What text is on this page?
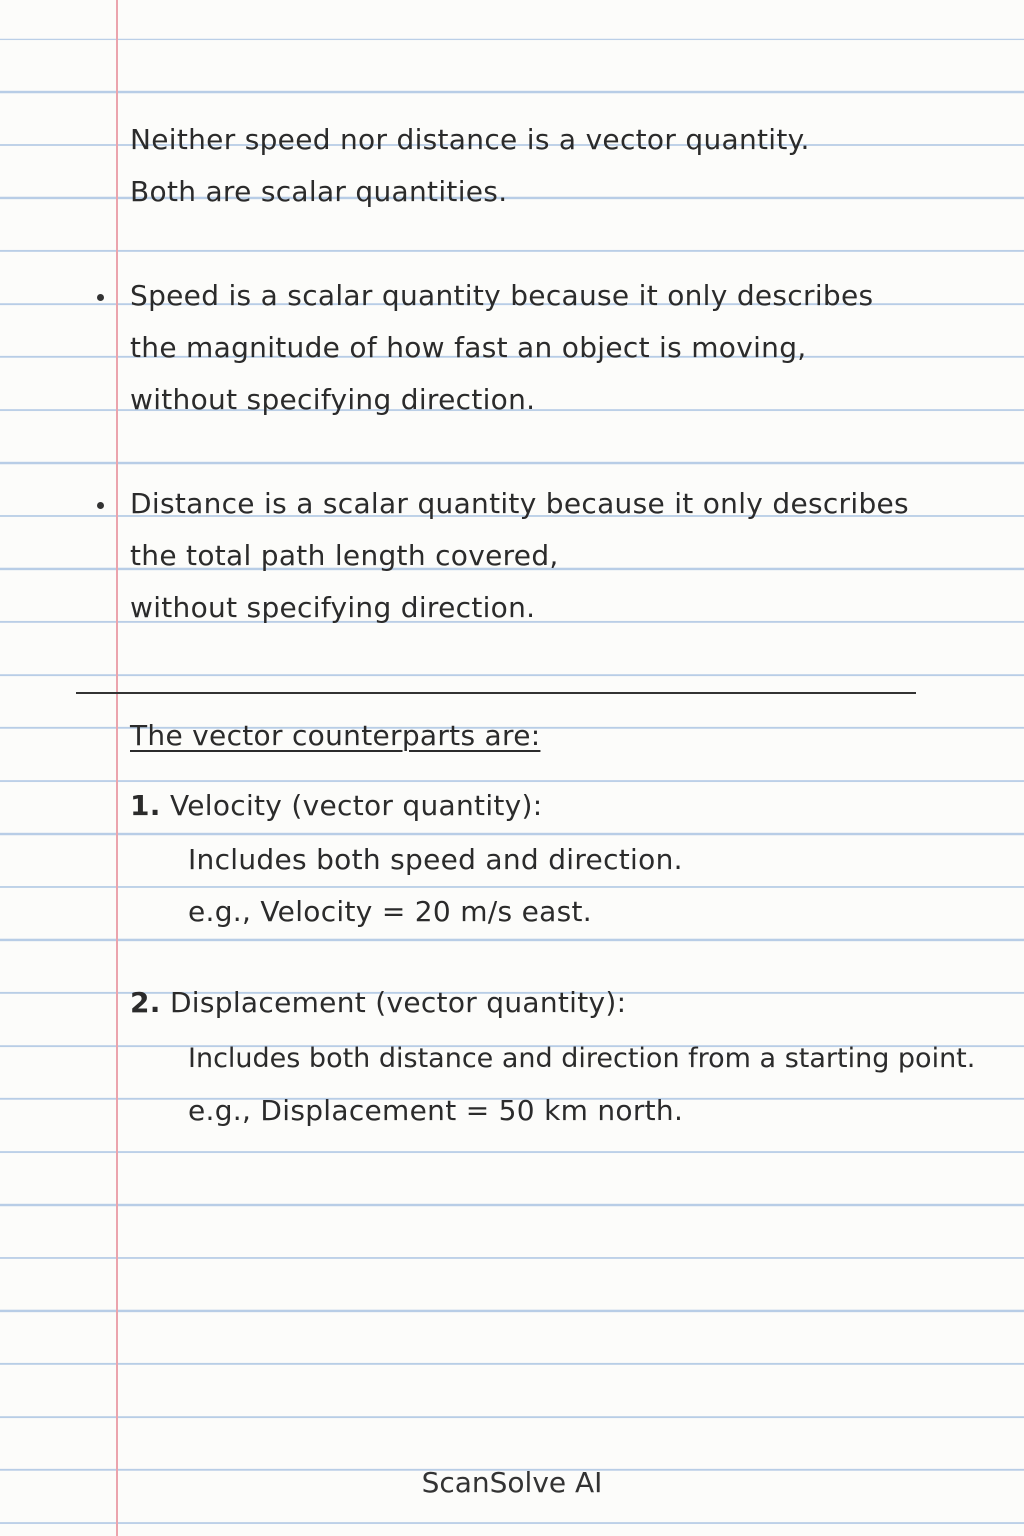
Neither speed nor distance is a vector quantity.
Both are scalar quantities.
Speed is a scalar quantity because it only describes
the magnitude of how fast an object is moving,
without specifying direction.
Distance is a scalar quantity because it only describes
the total path length covered,
without specifying direction.
The vector counterparts are:
1. Velocity (vector quantity):
Includes both speed and direction.
e.g., Velocity = 20 m/s east.
2. Displacement (vector quantity):
Includes both distance and direction from a starting point.
e.g., Displacement = 50 km north.
ScanSolve AI
